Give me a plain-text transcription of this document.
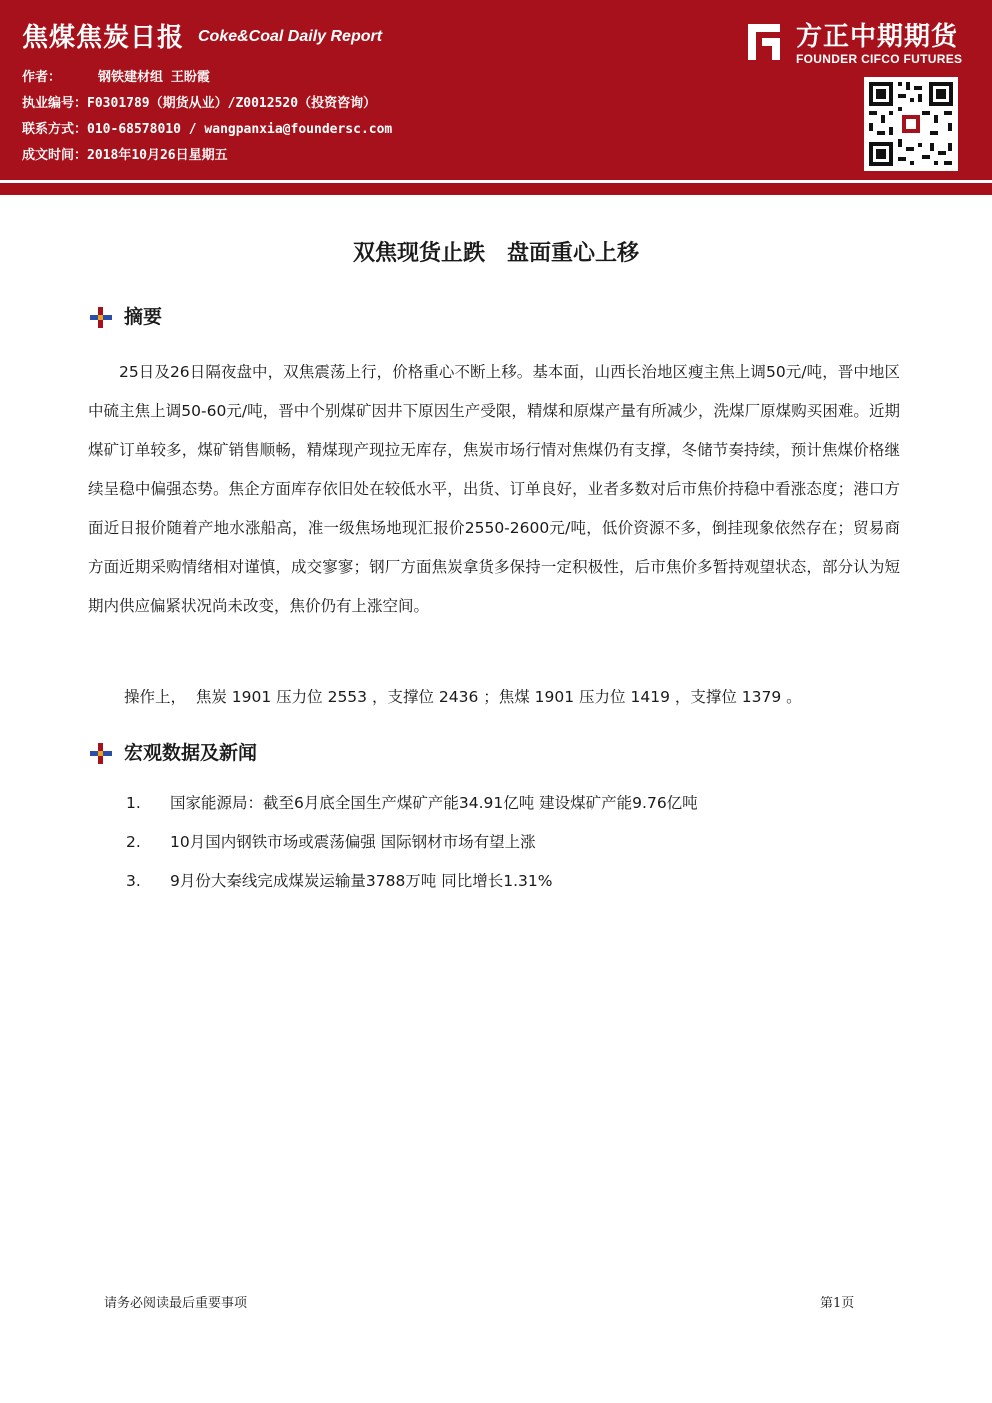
焦煤焦炭日报 Coke&Coal Daily Report
作者：	钢铁建材组 王盼霞
执业编号：F0301789（期货从业）/Z0012520（投资咨询）
联系方式：010-68578010 / wangpanxia@foundersc.com
成文时间：2018年10月26日星期五
方正中期期货
FOUNDER CIFCO FUTURES
双焦现货止跌　盘面重心上移
摘要
25日及26日隔夜盘中，双焦震荡上行，价格重心不断上移。基本面，山西长治地区瘦主焦上调50元/吨，晋中地区中硫主焦上调50-60元/吨，晋中个别煤矿因井下原因生产受限，精煤和原煤产量有所减少，洗煤厂原煤购买困难。近期煤矿订单较多，煤矿销售顺畅，精煤现产现拉无库存，焦炭市场行情对焦煤仍有支撑，冬储节奏持续，预计焦煤价格继续呈稳中偏强态势。焦企方面库存依旧处在较低水平，出货、订单良好，业者多数对后市焦价持稳中看涨态度；港口方面近日报价随着产地水涨船高，准一级焦场地现汇报价2550-2600元/吨，低价资源不多，倒挂现象依然存在；贸易商方面近期采购情绪相对谨慎，成交寥寥；钢厂方面焦炭拿货多保持一定积极性，后市焦价多暂持观望状态，部分认为短期内供应偏紧状况尚未改变，焦价仍有上涨空间。
操作上，  焦炭 1901 压力位 2553 ，支撑位 2436 ；焦煤 1901 压力位 1419 ，支撑位 1379 。
宏观数据及新闻
1. 国家能源局：截至6月底全国生产煤矿产能34.91亿吨 建设煤矿产能9.76亿吨
2. 10月国内钢铁市场或震荡偏强 国际钢材市场有望上涨
3. 9月份大秦线完成煤炭运输量3788万吨 同比增长1.31%
请务必阅读最后重要事项	第1页
